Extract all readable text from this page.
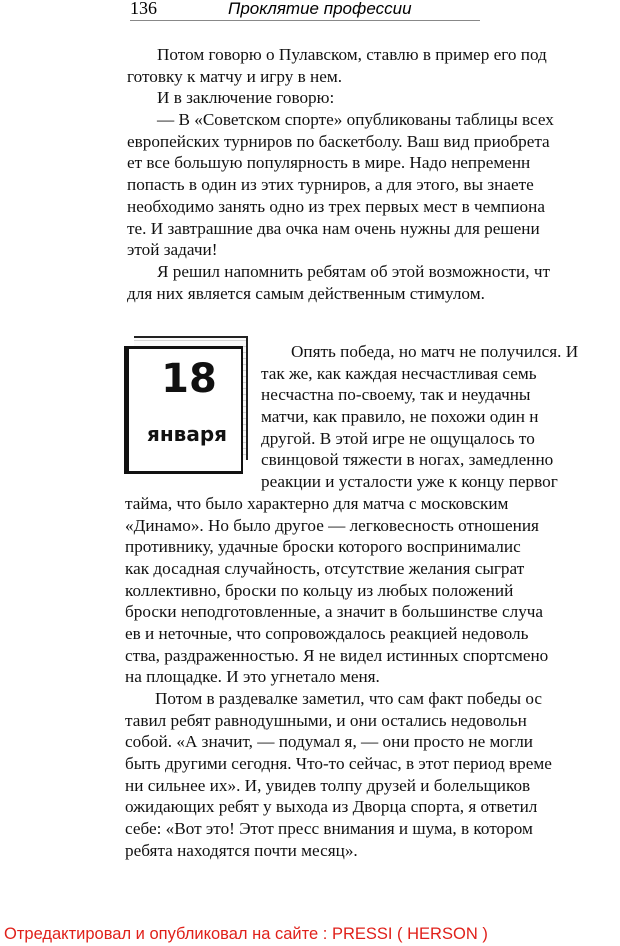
136	Проклятие профессии
Потом говорю о Пулавском, ставлю в пример его под
готовку к матчу и игру в нем.
И в заключение говорю:
— В «Советском спорте» опубликованы таблицы всех
европейских турниров по баскетболу. Ваш вид приобрета
ет все большую популярность в мире. Надо непременн
попасть в один из этих турниров, а для этого, вы знаете
необходимо занять одно из трех первых мест в чемпиона
те. И завтрашние два очка нам очень нужны для решени
этой задачи!
Я решил напомнить ребятам об этой возможности, чт
для них является самым действенным стимулом.
18
января
Опять победа, но матч не получился. И
так же, как каждая несчастливая семь
несчастна по-своему, так и неудачны
матчи, как правило, не похожи один н
другой. В этой игре не ощущалось то
свинцовой тяжести в ногах, замедленно
реакции и усталости уже к концу первог
тайма, что было характерно для матча с московским
«Динамо». Но было другое — легковесность отношения
противнику, удачные броски которого воспринималис
как досадная случайность, отсутствие желания сыграт
коллективно, броски по кольцу из любых положений
броски неподготовленные, а значит в большинстве случа
ев и неточные, что сопровождалось реакцией недоволь
ства, раздраженностью. Я не видел истинных спортсмено
на площадке. И это угнетало меня.
Потом в раздевалке заметил, что сам факт победы ос
тавил ребят равнодушными, и они остались недовольн
собой. «А значит, — подумал я, — они просто не могли
быть другими сегодня. Что-то сейчас, в этот период време
ни сильнее их». И, увидев толпу друзей и болельщиков
ожидающих ребят у выхода из Дворца спорта, я ответил
себе: «Вот это! Этот пресс внимания и шума, в котором
ребята находятся почти месяц».
Отредактировал и опубликовал на сайте : PRESSI ( HERSON )
